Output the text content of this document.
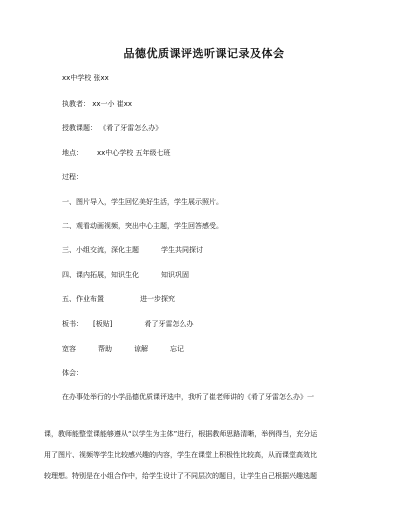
品德优质课评选听课记录及体会
xx中学校 张xx
执教者： xx一小 崔xx
授教课题： 《肴了牙雷怎么办》
地点： xx中心学校 五年级七班
过程：
一、图片导入，学生回忆美好生活，学生展示照片。
二、观看动画视频，突出中心主题，学生回答感受。
三、小组交流，深化主题	学生共同探讨
四、课内拓展，知识生化	知识巩固
五、作业布置	进一步探究
板书： [板贴]	肴了牙雷怎么办
宽容	帮助	谅解	忘记
体会：
在办事处举行的小学品德优质课评选中，我听了崔老师讲的《肴了牙雷怎么办》一
课，教师能整堂课能够遵从“以学生为主体”进行，根据教师思路清晰，举例得当，充分运
用了图片、视频等学生比较感兴趣的内容，学生在课堂上积极性比较高，从而课堂高效比
较理想。特别是在小组合作中，给学生设计了不同层次的题目，让学生自己根据兴趣选题
